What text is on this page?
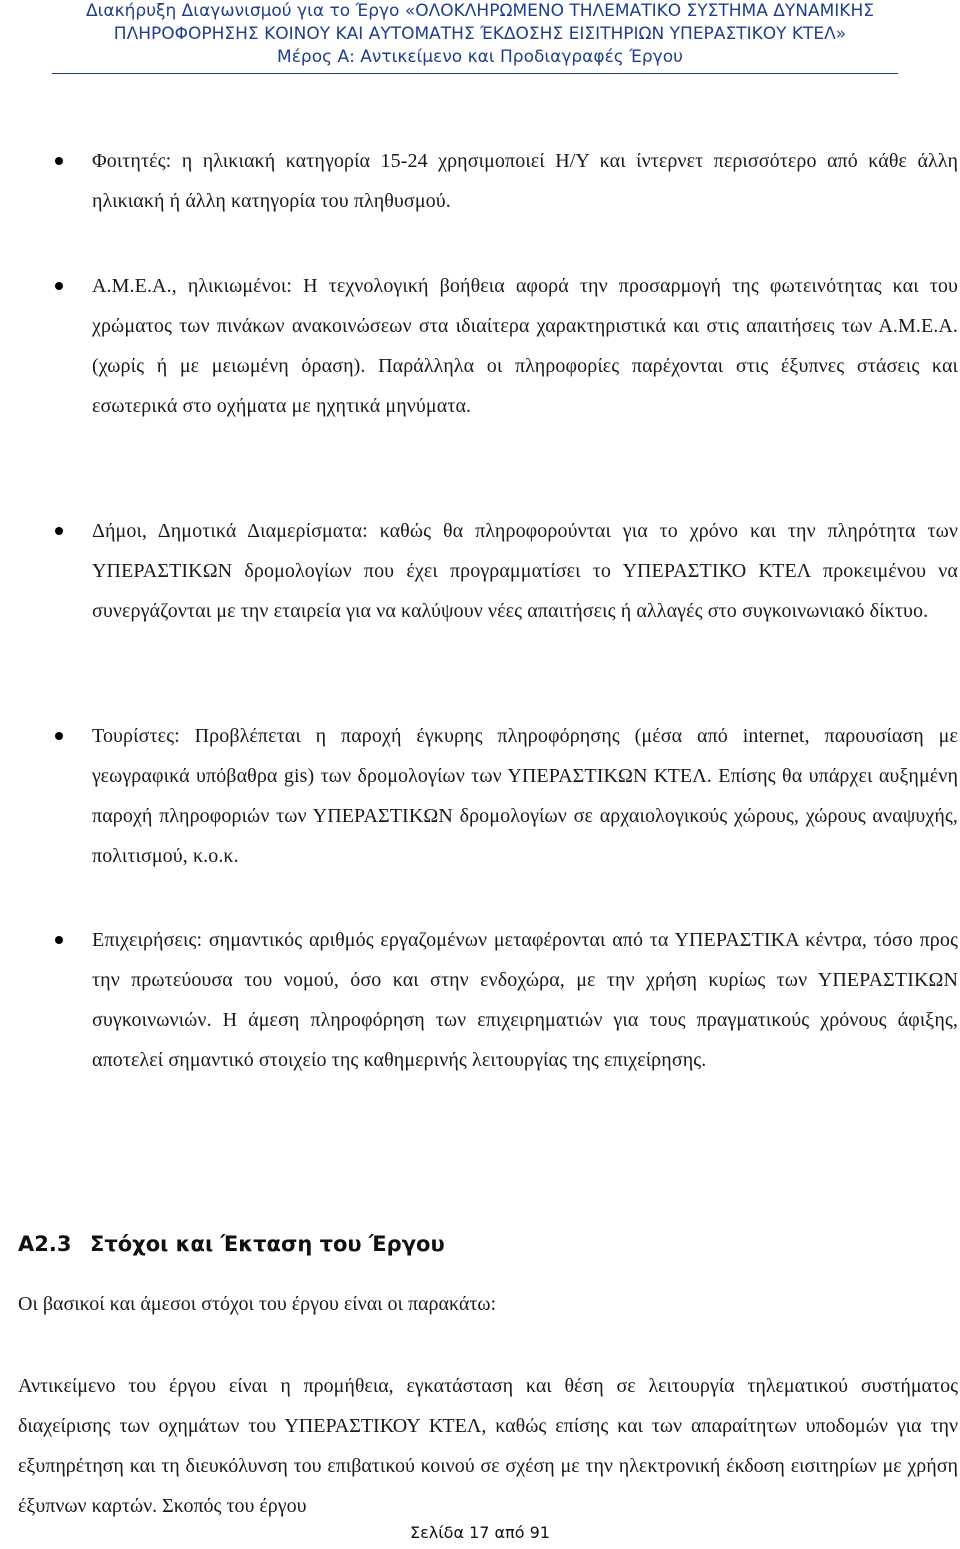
Διακήρυξη Διαγωνισμού για το Έργο «ΟΛΟΚΛΗΡΩΜΕΝΟ ΤΗΛΕΜΑΤΙΚΟ ΣΥΣΤΗΜΑ ΔΥΝΑΜΙΚΗΣ
ΠΛΗΡΟΦΟΡΗΣΗΣ ΚΟΙΝΟΥ ΚΑΙ ΑΥΤΟΜΑΤΗΣ ΈΚΔΟΣΗΣ ΕΙΣΙΤΗΡΙΩΝ ΥΠΕΡΑΣΤΙΚΟΥ ΚΤΕΛ»
Μέρος Α: Αντικείμενο και Προδιαγραφές Έργου
Φοιτητές: η ηλικιακή κατηγορία 15-24 χρησιμοποιεί Η/Υ και ίντερνετ περισσότερο από κάθε άλλη ηλικιακή ή άλλη κατηγορία του πληθυσμού.
Α.Μ.Ε.Α., ηλικιωμένοι: Η τεχνολογική βοήθεια αφορά την προσαρμογή της φωτεινότητας και του χρώματος των πινάκων ανακοινώσεων στα ιδιαίτερα χαρακτηριστικά και στις απαιτήσεις των Α.Μ.Ε.Α. (χωρίς ή με μειωμένη όραση). Παράλληλα οι πληροφορίες παρέχονται στις έξυπνες στάσεις και εσωτερικά στο οχήματα με ηχητικά μηνύματα.
Δήμοι, Δημοτικά Διαμερίσματα: καθώς θα πληροφορούνται για το χρόνο και την πληρότητα των ΥΠΕΡΑΣΤΙΚΩΝ δρομολογίων που έχει προγραμματίσει το ΥΠΕΡΑΣΤΙΚΟ ΚΤΕΛ προκειμένου να συνεργάζονται με την εταιρεία για να καλύψουν νέες απαιτήσεις ή αλλαγές στο συγκοινωνιακό δίκτυο.
Τουρίστες: Προβλέπεται η παροχή έγκυρης πληροφόρησης (μέσα από internet, παρουσίαση με γεωγραφικά υπόβαθρα gis) των δρομολογίων των ΥΠΕΡΑΣΤΙΚΩΝ ΚΤΕΛ. Επίσης θα υπάρχει αυξημένη παροχή πληροφοριών των ΥΠΕΡΑΣΤΙΚΩΝ δρομολογίων σε αρχαιολογικούς χώρους, χώρους αναψυχής, πολιτισμού, κ.ο.κ.
Επιχειρήσεις: σημαντικός αριθμός εργαζομένων μεταφέρονται από τα ΥΠΕΡΑΣΤΙΚΑ κέντρα, τόσο προς την πρωτεύουσα του νομού, όσο και στην ενδοχώρα, με την χρήση κυρίως των ΥΠΕΡΑΣΤΙΚΩΝ συγκοινωνιών. Η άμεση πληροφόρηση των επιχειρηματιών για τους πραγματικούς χρόνους άφιξης, αποτελεί σημαντικό στοιχείο της καθημερινής λειτουργίας της επιχείρησης.
Α2.3 Στόχοι και Έκταση του Έργου
Οι βασικοί και άμεσοι στόχοι του έργου είναι οι παρακάτω:
Αντικείμενο του έργου είναι η προμήθεια, εγκατάσταση και θέση σε λειτουργία τηλεματικού συστήματος διαχείρισης των οχημάτων του ΥΠΕΡΑΣΤΙΚΟΥ ΚΤΕΛ, καθώς επίσης και των απαραίτητων υποδομών για την εξυπηρέτηση και τη διευκόλυνση του επιβατικού κοινού σε σχέση με την ηλεκτρονική έκδοση εισιτηρίων με χρήση έξυπνων καρτών. Σκοπός του έργου
Σελίδα 17 από 91
